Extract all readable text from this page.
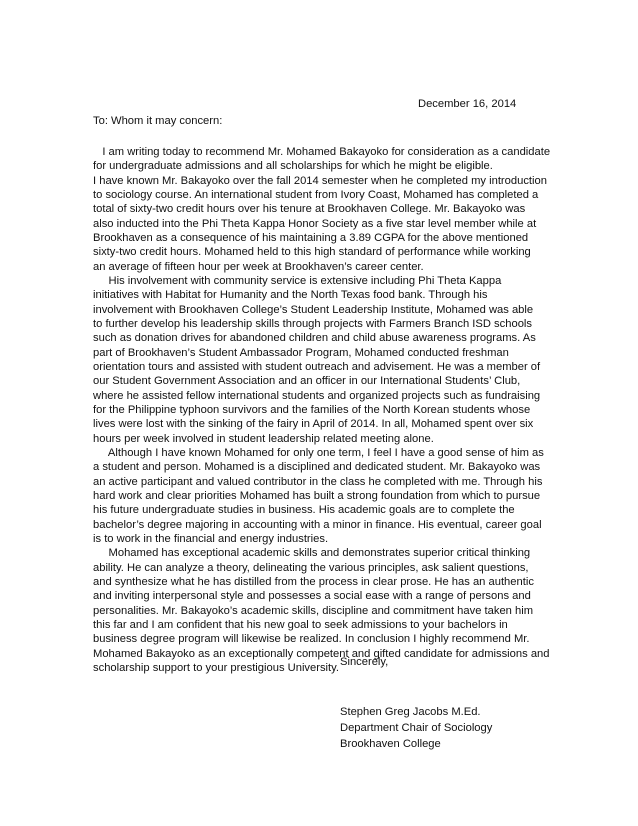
December 16, 2014
To: Whom it may concern:
I am writing today to recommend Mr. Mohamed Bakayoko for consideration as a candidate
for undergraduate admissions and all scholarships for which he might be eligible.
I have known Mr. Bakayoko over the fall 2014 semester when he completed my introduction
to sociology course. An international student from Ivory Coast, Mohamed has completed a
total of sixty-two credit hours over his tenure at Brookhaven College. Mr. Bakayoko was
also inducted into the Phi Theta Kappa Honor Society as a five star level member while at
Brookhaven as a consequence of his maintaining a 3.89 CGPA for the above mentioned
sixty-two credit hours. Mohamed held to this high standard of performance while working
an average of fifteen hour per week at Brookhaven’s career center.
His involvement with community service is extensive including Phi Theta Kappa
initiatives with Habitat for Humanity and the North Texas food bank. Through his
involvement with Brookhaven College’s Student Leadership Institute, Mohamed was able
to further develop his leadership skills through projects with Farmers Branch ISD schools
such as donation drives for abandoned children and child abuse awareness programs. As
part of Brookhaven’s Student Ambassador Program, Mohamed conducted freshman
orientation tours and assisted with student outreach and advisement. He was a member of
our Student Government Association and an officer in our International Students’ Club,
where he assisted fellow international students and organized projects such as fundraising
for the Philippine typhoon survivors and the families of the North Korean students whose
lives were lost with the sinking of the fairy in April of 2014. In all, Mohamed spent over six
hours per week involved in student leadership related meeting alone.
Although I have known Mohamed for only one term, I feel I have a good sense of him as
a student and person. Mohamed is a disciplined and dedicated student. Mr. Bakayoko was
an active participant and valued contributor in the class he completed with me. Through his
hard work and clear priorities Mohamed has built a strong foundation from which to pursue
his future undergraduate studies in business. His academic goals are to complete the
bachelor’s degree majoring in accounting with a minor in finance. His eventual, career goal
is to work in the financial and energy industries.
Mohamed has exceptional academic skills and demonstrates superior critical thinking
ability. He can analyze a theory, delineating the various principles, ask salient questions,
and synthesize what he has distilled from the process in clear prose. He has an authentic
and inviting interpersonal style and possesses a social ease with a range of persons and
personalities. Mr. Bakayoko’s academic skills, discipline and commitment have taken him
this far and I am confident that his new goal to seek admissions to your bachelors in
business degree program will likewise be realized. In conclusion I highly recommend Mr.
Mohamed Bakayoko as an exceptionally competent and gifted candidate for admissions and
scholarship support to your prestigious University. Sincerely,
Stephen Greg Jacobs M.Ed.
Department Chair of Sociology
Brookhaven College
